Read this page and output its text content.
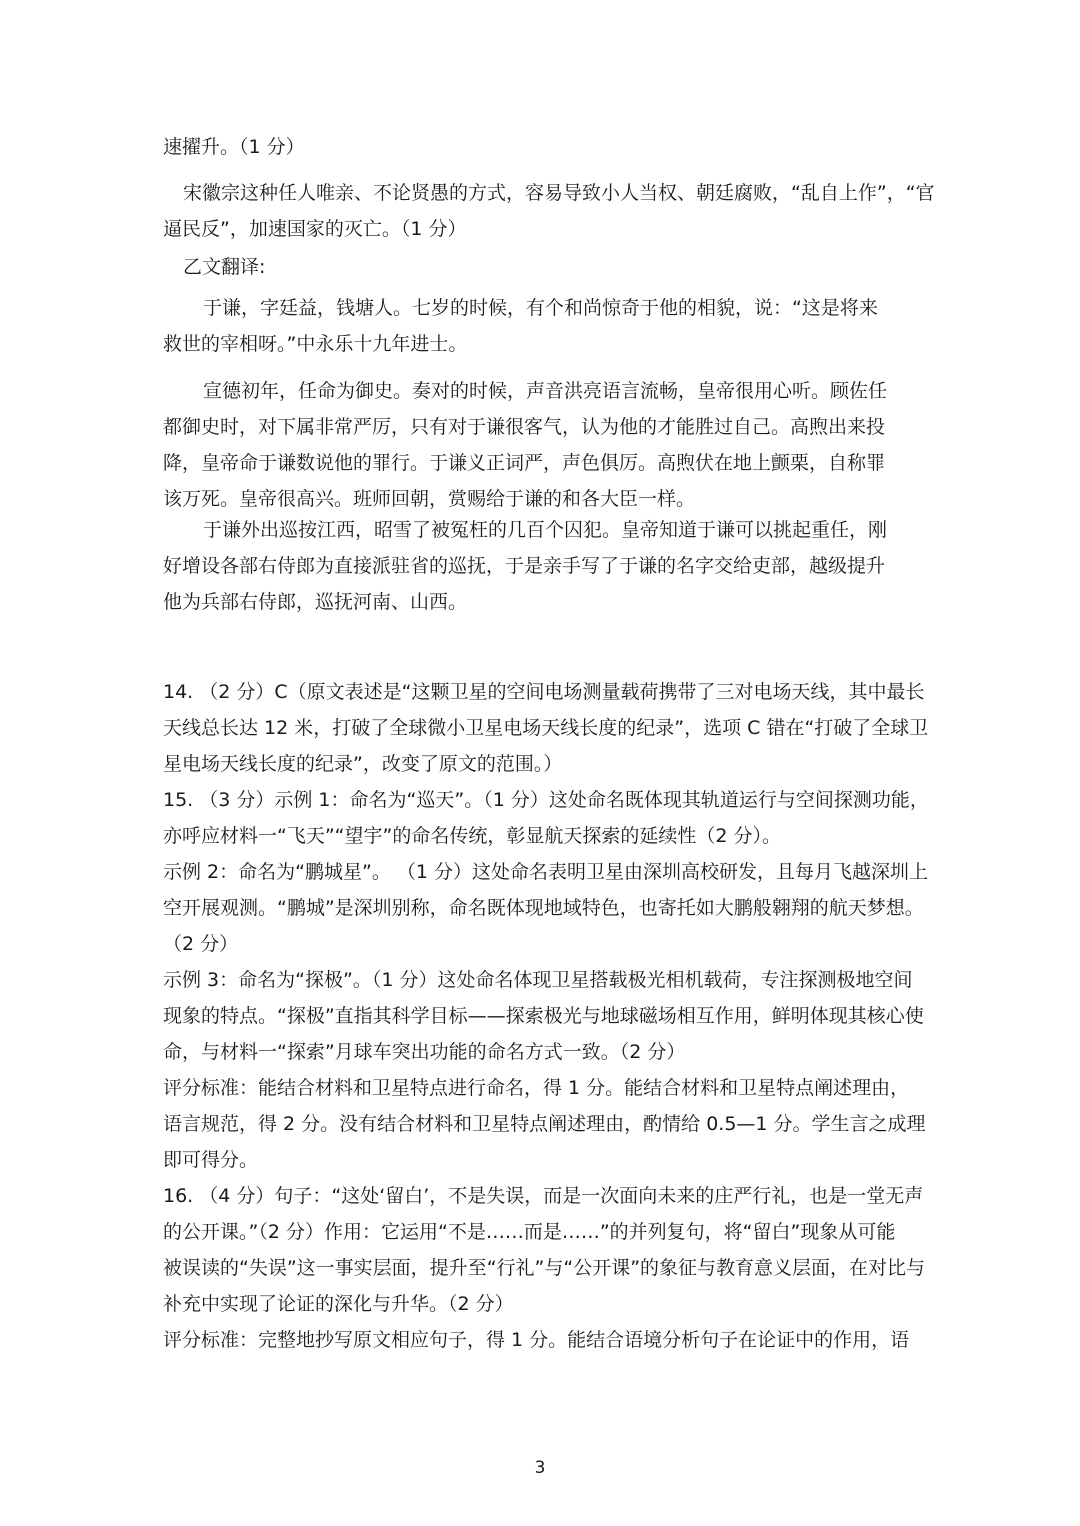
速擢升。（1 分）
宋徽宗这种任人唯亲、不论贤愚的方式，容易导致小人当权、朝廷腐败，“乱自上作”，“官
逼民反”，加速国家的灭亡。（1 分）
乙文翻译:
于谦，字廷益，钱塘人。七岁的时候，有个和尚惊奇于他的相貌，说：“这是将来
救世的宰相呀。”中永乐十九年进士。
宣德初年，任命为御史。奏对的时候，声音洪亮语言流畅，皇帝很用心听。顾佐任
都御史时，对下属非常严厉，只有对于谦很客气，认为他的才能胜过自己。高煦出来投
降，皇帝命于谦数说他的罪行。于谦义正词严，声色俱厉。高煦伏在地上颤栗，自称罪
该万死。皇帝很高兴。班师回朝，赏赐给于谦的和各大臣一样。
于谦外出巡按江西，昭雪了被冤枉的几百个囚犯。皇帝知道于谦可以挑起重任，刚
好增设各部右侍郎为直接派驻省的巡抚，于是亲手写了于谦的名字交给吏部，越级提升
他为兵部右侍郎，巡抚河南、山西。
14. （2 分）C（原文表述是“这颗卫星的空间电场测量载荷携带了三对电场天线，其中最长
天线总长达 12 米，打破了全球微小卫星电场天线长度的纪录”，选项 C 错在“打破了全球卫
星电场天线长度的纪录”，改变了原文的范围。）
15. （3 分）示例 1：命名为“巡天”。（1 分）这处命名既体现其轨道运行与空间探测功能，
亦呼应材料一“飞天”“望宇”的命名传统，彰显航天探索的延续性（2 分）。
示例 2：命名为“鹏城星”。 （1 分）这处命名表明卫星由深圳高校研发，且每月飞越深圳上
空开展观测。“鹏城”是深圳别称，命名既体现地域特色，也寄托如大鹏般翱翔的航天梦想。
（2 分）
示例 3：命名为“探极”。（1 分）这处命名体现卫星搭载极光相机载荷，专注探测极地空间
现象的特点。“探极”直指其科学目标——探索极光与地球磁场相互作用，鲜明体现其核心使
命，与材料一“探索”月球车突出功能的命名方式一致。（2 分）
评分标准：能结合材料和卫星特点进行命名，得 1 分。能结合材料和卫星特点阐述理由，
语言规范，得 2 分。没有结合材料和卫星特点阐述理由，酌情给 0.5—1 分。学生言之成理
即可得分。
16. （4 分）句子：“这处‘留白’，不是失误，而是一次面向未来的庄严行礼，也是一堂无声
的公开课。”（2 分）作用：它运用“不是……而是……”的并列复句，将“留白”现象从可能
被误读的“失误”这一事实层面，提升至“行礼”与“公开课”的象征与教育意义层面，在对比与
补充中实现了论证的深化与升华。（2 分）
评分标准：完整地抄写原文相应句子，得 1 分。能结合语境分析句子在论证中的作用，语
3
